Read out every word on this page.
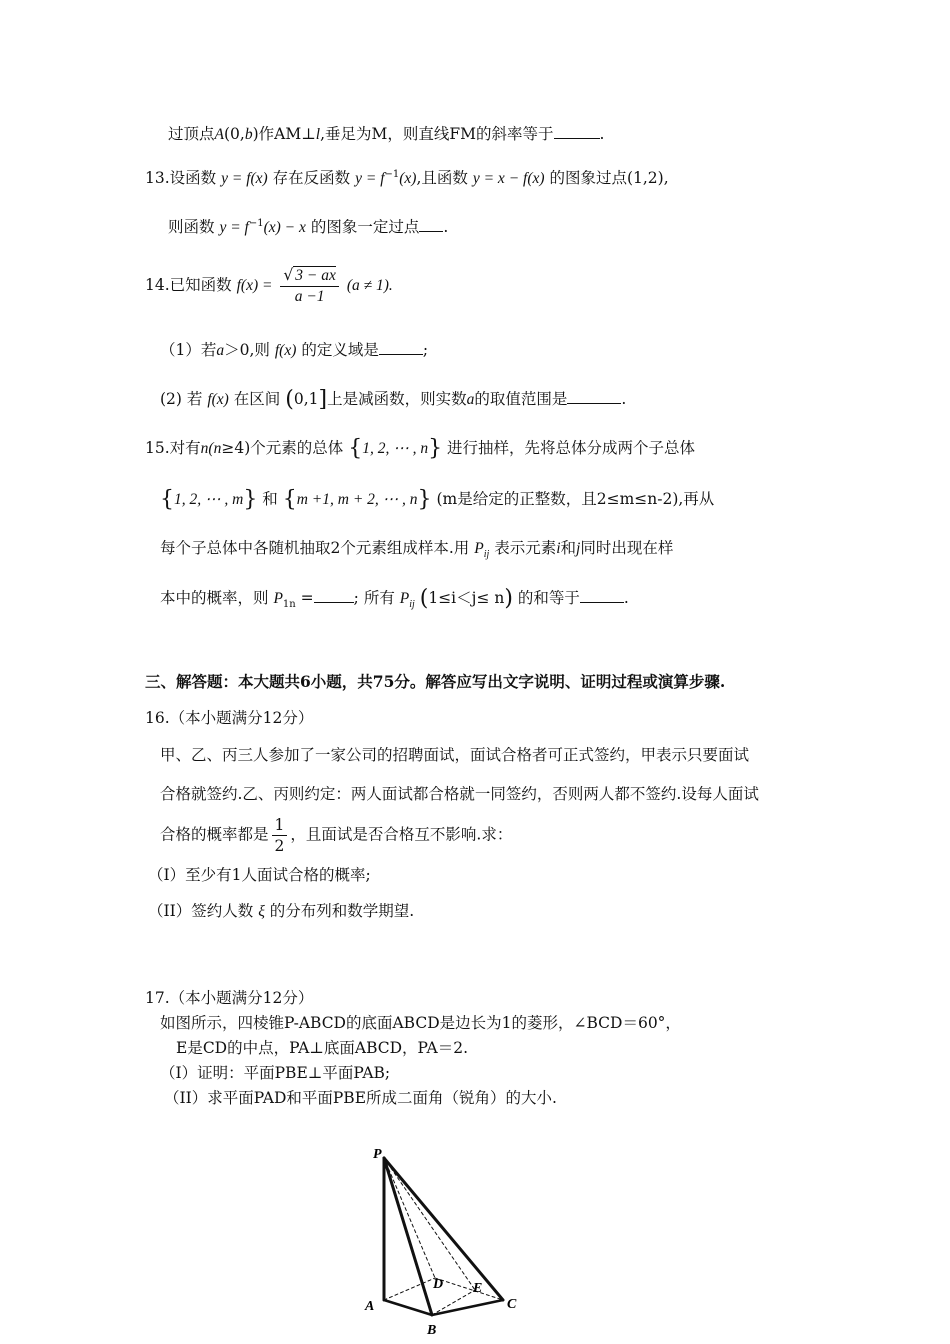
过顶点A(0,b)作AM⊥l,垂足为M，则直线FM的斜率等于	.
13.设函数 y = f(x) 存在反函数 $y = f^{-1}(x)$,且函数 y = x − f(x) 的图象过点(1,2),
则函数 $y = f^{-1}(x) - x$ 的图象一定过点 .
14.已知函数 $f(x) = \frac{√ 3 - ax}{a -1} (a \ne 1)$.
（1）若a＞0,则 f(x) 的定义域是	;
(2) 若 f(x) 在区间 (0,1]上是减函数，则实数a的取值范围是	.
15.对有n(n≥4)个元素的总体 {1, 2, ⋯ , n} 进行抽样，先将总体分成两个子总体
{1, 2, ⋯ , m} 和 {m +1, m + 2, ⋯ , n} (m是给定的正整数，且2≤m≤n-2),再从
每个子总体中各随机抽取2个元素组成样本.用 $P_{ij}$ 表示元素i和j同时出现在样
本中的概率，则 $P_{1n}$ =	; 所有 $P_{ij}$ (1≤i＜j≤ n) 的和等于	.
三、解答题：本大题共6小题，共75分。解答应写出文字说明、证明过程或演算步骤.
16.（本小题满分12分）
甲、乙、丙三人参加了一家公司的招聘面试，面试合格者可正式签约，甲表示只要面试
合格就签约.乙、丙则约定：两人面试都合格就一同签约，否则两人都不签约.设每人面试
合格的概率都是 $\frac{1}{2}$ ，且面试是否合格互不影响.求：
（I）至少有1人面试合格的概率;
（II）签约人数 ξ 的分布列和数学期望.
17.（本小题满分12分）
如图所示，四棱锥P-ABCD的底面ABCD是边长为1的菱形，∠BCD＝60°，
E是CD的中点，PA⊥底面ABCD，PA＝2.
（I）证明：平面PBE⊥平面PAB;
（II）求平面PAD和平面PBE所成二面角（锐角）的大小.
P
A
B
C
D E
